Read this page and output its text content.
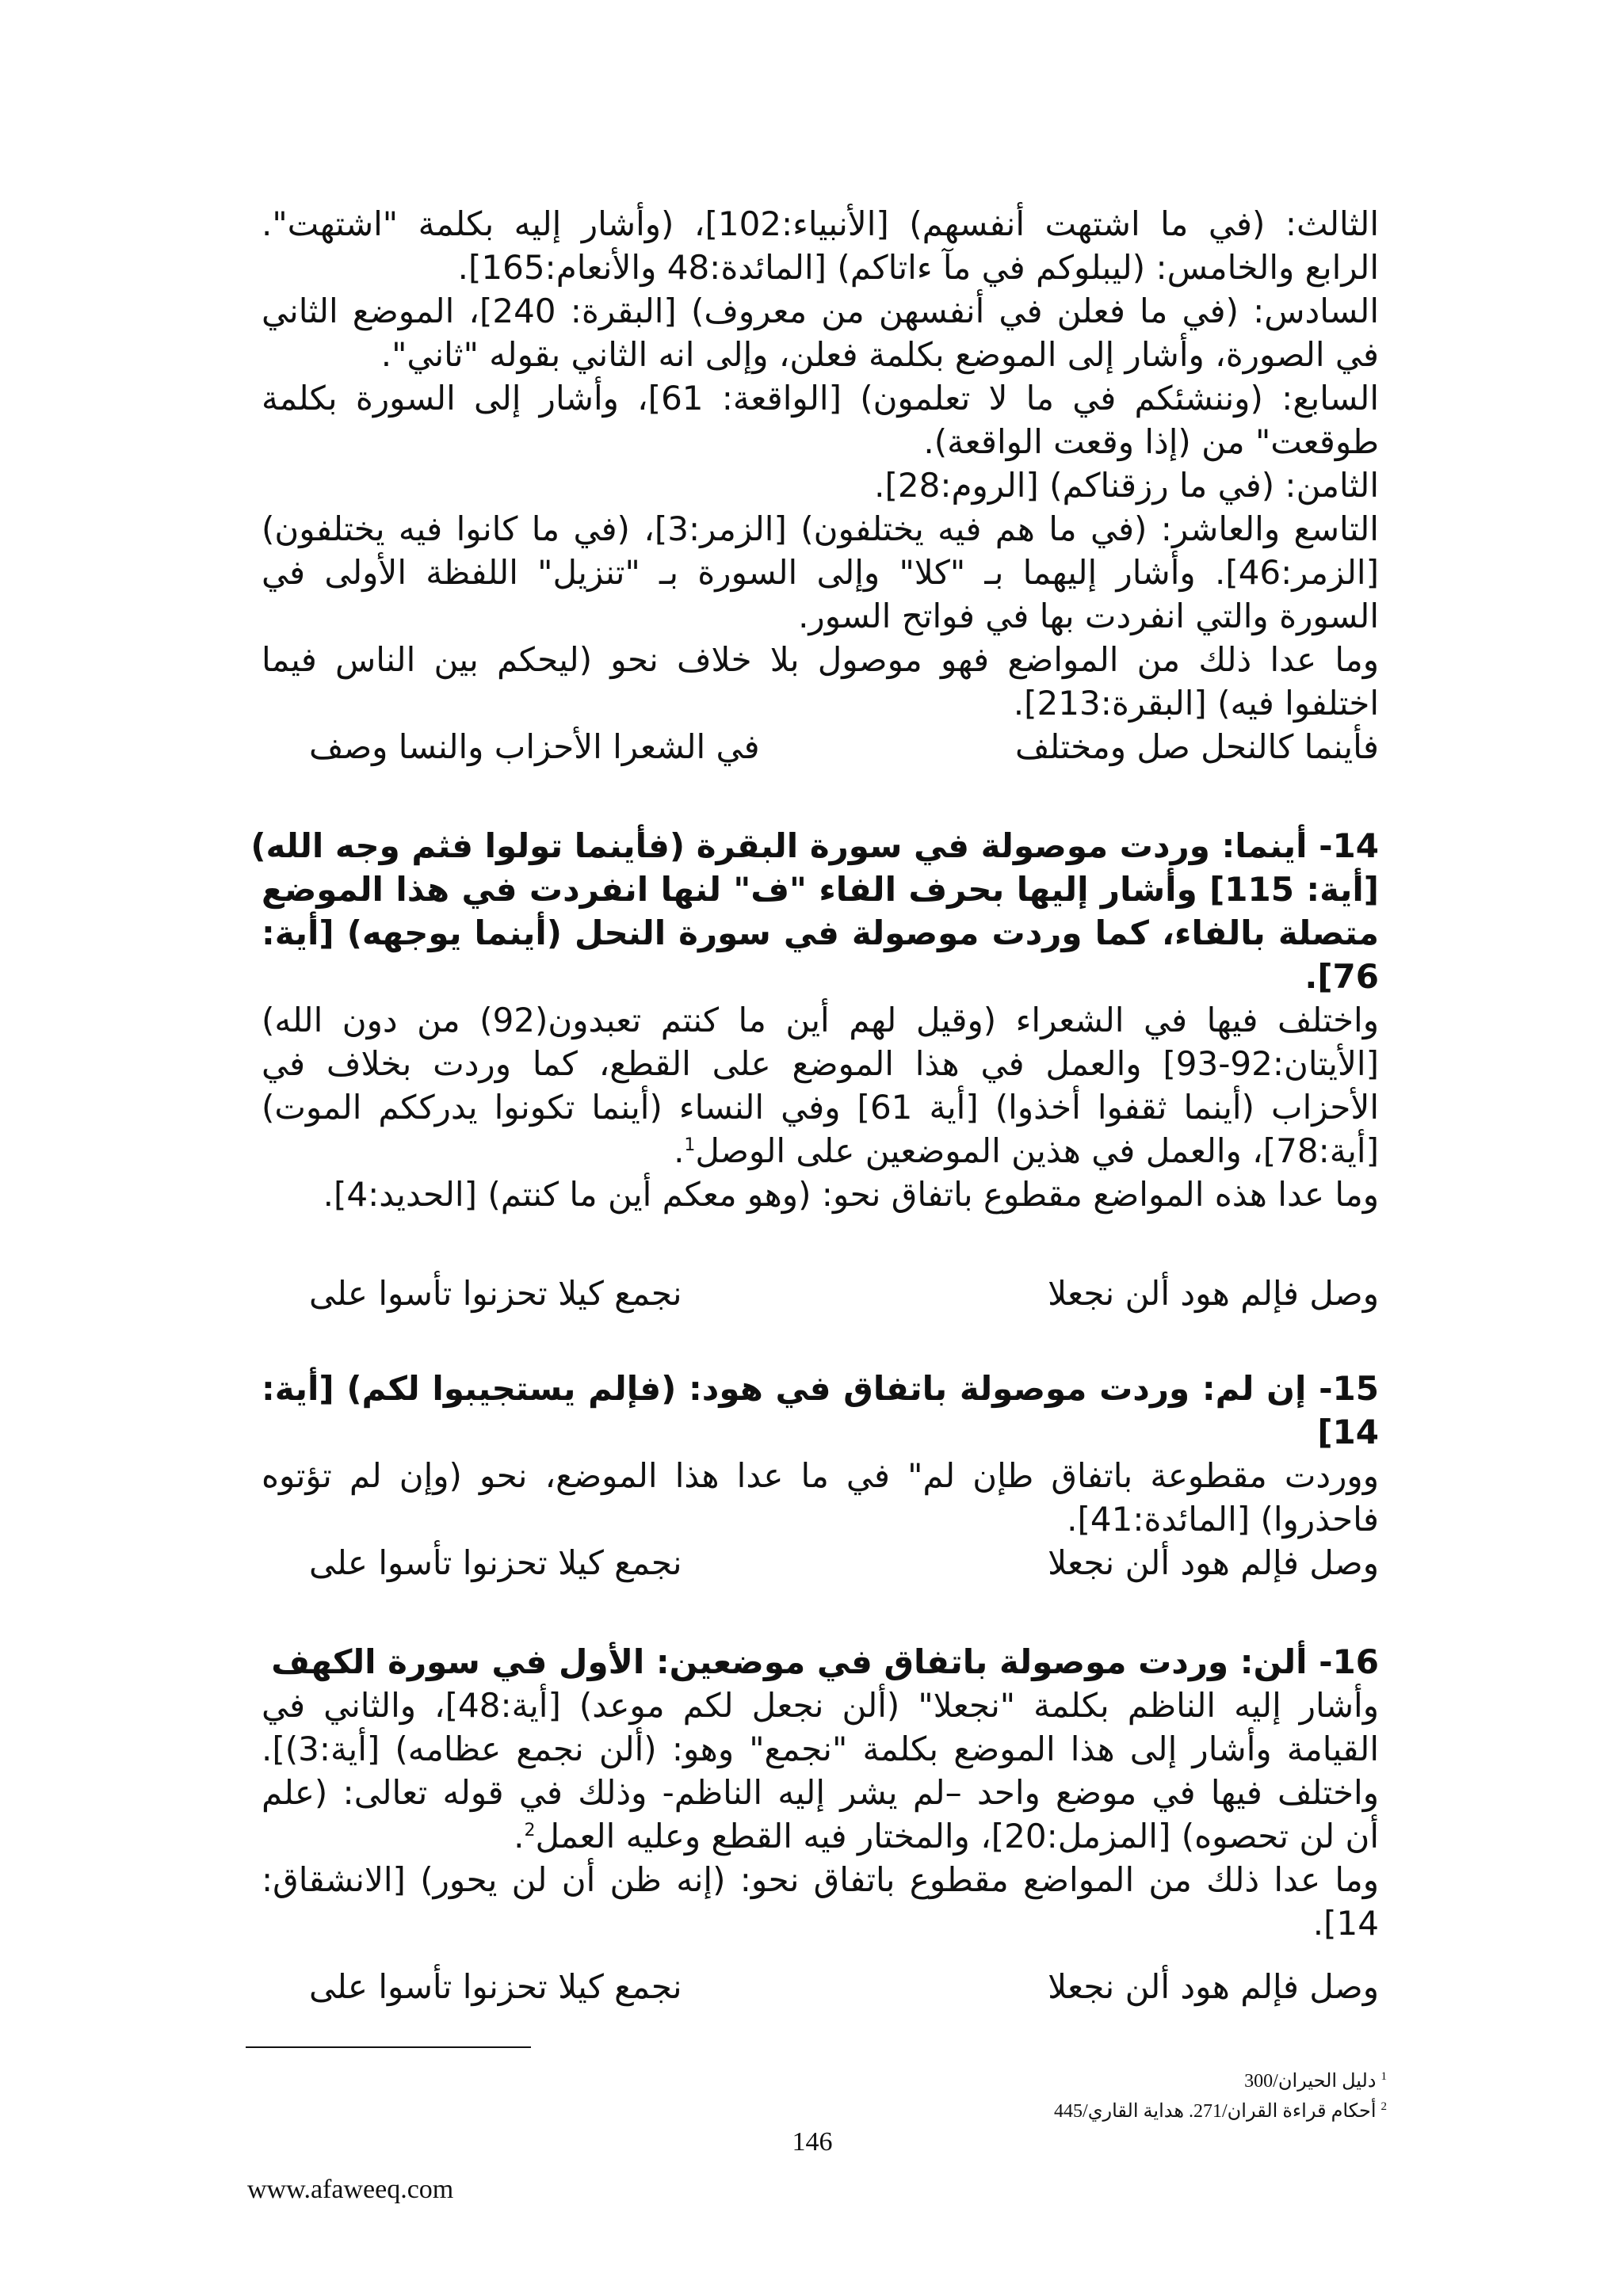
الثالث: (في ما اشتهت أنفسهم) [الأنبياء:102]، (وأشار إليه بكلمة "اشتهت".
الرابع والخامس: (ليبلوكم في مآ ءاتاكم) [المائدة:48 والأنعام:165].
السادس: (في ما فعلن في أنفسهن من معروف) [البقرة: 240]، الموضع الثاني
في الصورة، وأشار إلى الموضع بكلمة فعلن، وإلى انه الثاني بقوله "ثاني".
السابع: (وننشئكم في ما لا تعلمون) [الواقعة: 61]، وأشار إلى السورة بكلمة
طوقعت" من (إذا وقعت الواقعة).
الثامن: (في ما رزقناكم) [الروم:28].
التاسع والعاشر: (في ما هم فيه يختلفون) [الزمر:3]، (في ما كانوا فيه يختلفون)
[الزمر:46]. وأشار إليهما بـ "كلا" وإلى السورة بـ "تنزيل" اللفظة الأولى في
السورة والتي انفردت بها في فواتح السور.
وما عدا ذلك من المواضع فهو موصول بلا خلاف نحو (ليحكم بين الناس فيما
اختلفوا فيه) [البقرة:213].
فأينما كالنحل صل ومختلف
في الشعرا الأحزاب والنسا وصف
14- أينما: وردت موصولة في سورة البقرة (فأينما تولوا فثم وجه الله)
[أية: 115] وأشار إليها بحرف الفاء "ف" لنها انفردت في هذا الموضع
متصلة بالفاء، كما وردت موصولة في سورة النحل (أينما يوجهه) [أية:
76].
واختلف فيها في الشعراء (وقيل لهم أين ما كنتم تعبدون(92) من دون الله)
[الأيتان:92-93] والعمل في هذا الموضع على القطع، كما وردت بخلاف في
الأحزاب (أينما ثقفوا أخذوا) [أية 61] وفي النساء (أينما تكونوا يدرككم الموت)
[أية:78]، والعمل في هذين الموضعين على الوصل$^1$.
وما عدا هذه المواضع مقطوع باتفاق نحو: (وهو معكم أين ما كنتم) [الحديد:4].
وصل فإلم هود ألن نجعلا
نجمع كيلا تحزنوا تأسوا على
15- إن لم: وردت موصولة باتفاق في هود: (فإلم يستجيبوا لكم) [أية:
14]
ووردت مقطوعة باتفاق طإن لم" في ما عدا هذا الموضع، نحو (وإن لم تؤتوه
فاحذروا) [المائدة:41].
وصل فإلم هود ألن نجعلا
نجمع كيلا تحزنوا تأسوا على
16- ألن: وردت موصولة باتفاق في موضعين: الأول في سورة الكهف
وأشار إليه الناظم بكلمة "نجعلا" (ألن نجعل لكم موعد) [أية:48]، والثاني في
القيامة وأشار إلى هذا الموضع بكلمة "نجمع" وهو: (ألن نجمع عظامه) [أية:3)].
واختلف فيها في موضع واحد –لم يشر إليه الناظم- وذلك في قوله تعالى: (علم
أن لن تحصوه) [المزمل:20]، والمختار فيه القطع وعليه العمل$^2$.
وما عدا ذلك من المواضع مقطوع باتفاق نحو: (إنه ظن أن لن يحور) [الانشقاق:
14].
وصل فإلم هود ألن نجعلا
نجمع كيلا تحزنوا تأسوا على
$^1$ دليل الحيران/300
$^2$ أحكام قراءة القران/271. هداية القاري/445
146
www.afaweeq.com
